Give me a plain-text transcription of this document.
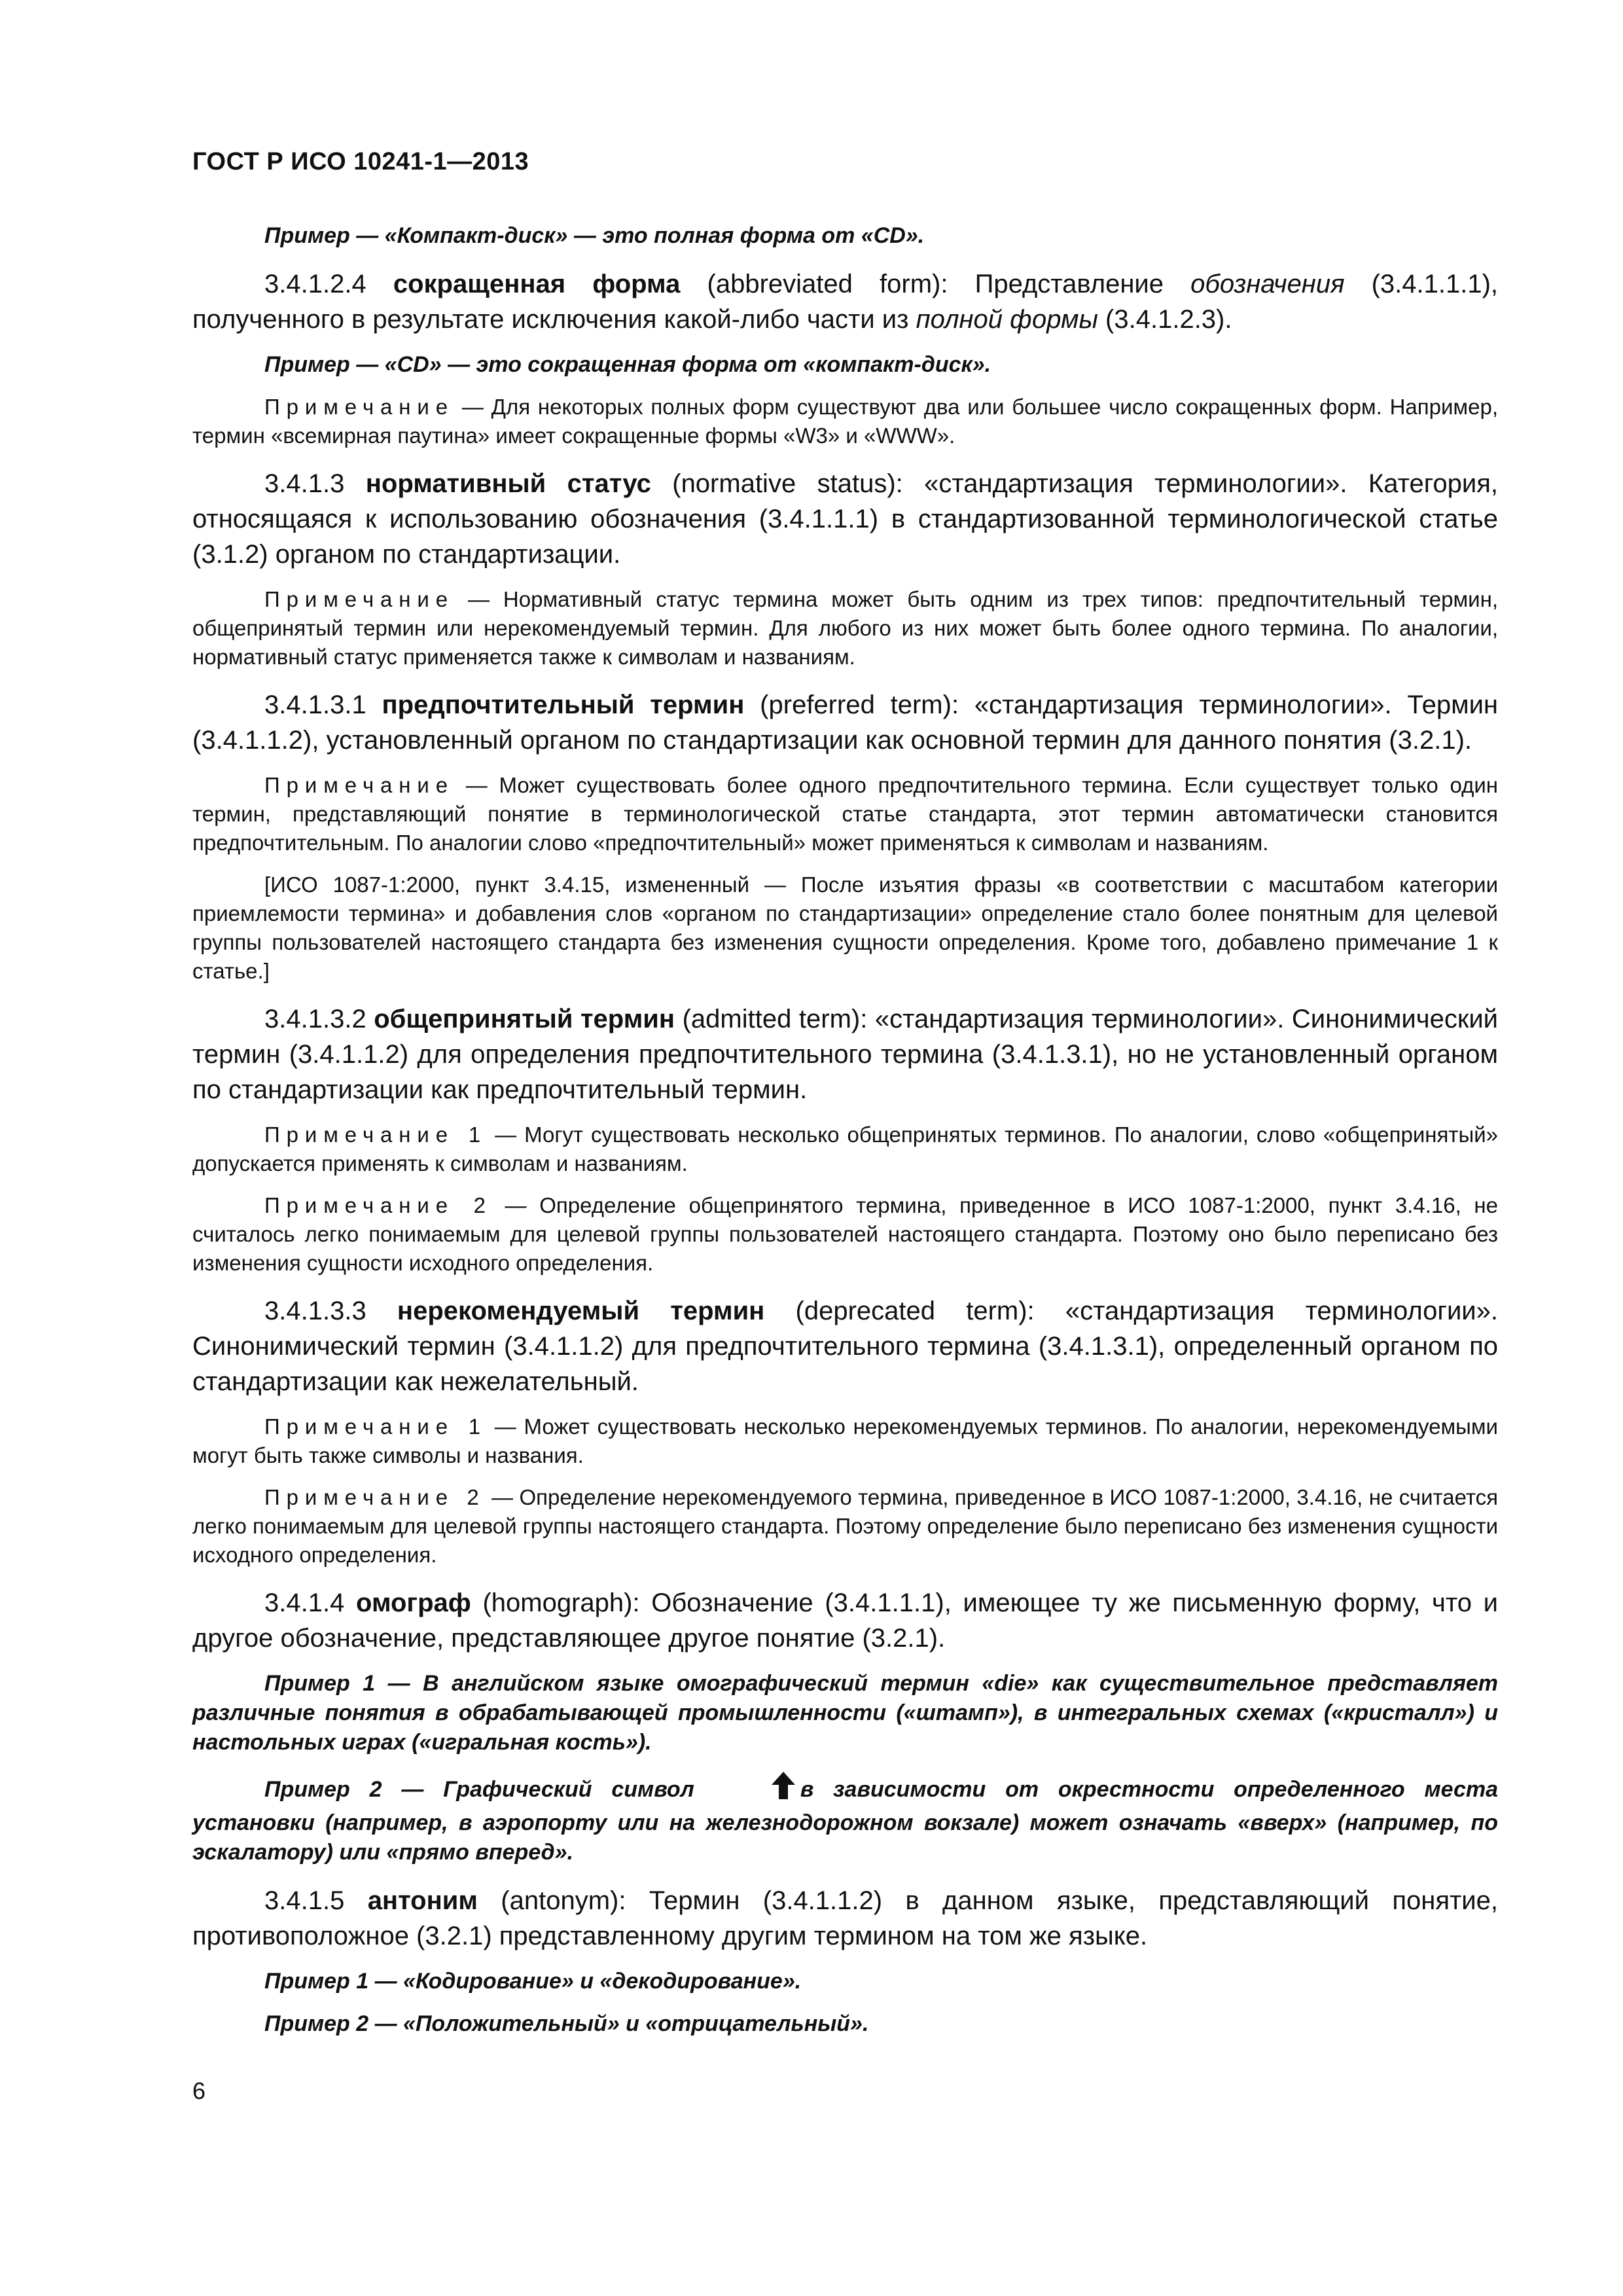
ГОСТ Р ИСО 10241-1—2013

Пример — «Компакт-диск» — это полная форма от «CD».

3.4.1.2.4 сокращенная форма (abbreviated form): Представление обозначения (3.4.1.1.1), полученного в результате исключения какой-либо части из полной формы (3.4.1.2.3).

Пример — «CD» — это сокращенная форма от «компакт-диск».

Примечание — Для некоторых полных форм существуют два или большее число сокращенных форм. Например, термин «всемирная паутина» имеет сокращенные формы «W3» и «WWW».

3.4.1.3 нормативный статус (normative status): «стандартизация терминологии». Категория, относящаяся к использованию обозначения (3.4.1.1.1) в стандартизованной терминологической статье (3.1.2) органом по стандартизации.

Примечание — Нормативный статус термина может быть одним из трех типов: предпочтительный термин, общепринятый термин или нерекомендуемый термин. Для любого из них может быть более одного термина. По аналогии, нормативный статус применяется также к символам и названиям.

3.4.1.3.1 предпочтительный термин (preferred term): «стандартизация терминологии». Термин (3.4.1.1.2), установленный органом по стандартизации как основной термин для данного понятия (3.2.1).

Примечание — Может существовать более одного предпочтительного термина. Если существует только один термин, представляющий понятие в терминологической статье стандарта, этот термин автоматически становится предпочтительным. По аналогии слово «предпочтительный» может применяться к символам и названиям.

[ИСО 1087-1:2000, пункт 3.4.15, измененный — После изъятия фразы «в соответствии с масштабом категории приемлемости термина» и добавления слов «органом по стандартизации» определение стало более понятным для целевой группы пользователей настоящего стандарта без изменения сущности определения. Кроме того, добавлено примечание 1 к статье.]

3.4.1.3.2 общепринятый термин (admitted term): «стандартизация терминологии». Синонимический термин (3.4.1.1.2) для определения предпочтительного термина (3.4.1.3.1), но не установленный органом по стандартизации как предпочтительный термин.

Примечание 1 — Могут существовать несколько общепринятых терминов. По аналогии, слово «общепринятый» допускается применять к символам и названиям.

Примечание 2 — Определение общепринятого термина, приведенное в ИСО 1087-1:2000, пункт 3.4.16, не считалось легко понимаемым для целевой группы пользователей настоящего стандарта. Поэтому оно было переписано без изменения сущности исходного определения.

3.4.1.3.3 нерекомендуемый термин (deprecated term): «стандартизация терминологии». Синонимический термин (3.4.1.1.2) для предпочтительного термина (3.4.1.3.1), определенный органом по стандартизации как нежелательный.

Примечание 1 — Может существовать несколько нерекомендуемых терминов. По аналогии, нерекомендуемыми могут быть также символы и названия.

Примечание 2 — Определение нерекомендуемого термина, приведенное в ИСО 1087-1:2000, 3.4.16, не считается легко понимаемым для целевой группы настоящего стандарта. Поэтому определение было переписано без изменения сущности исходного определения.

3.4.1.4 омограф (homograph): Обозначение (3.4.1.1.1), имеющее ту же письменную форму, что и другое обозначение, представляющее другое понятие (3.2.1).

Пример 1 — В английском языке омографический термин «die» как существительное представляет различные понятия в обрабатывающей промышленности («штамп»), в интегральных схемах («кристалл») и настольных играх («игральная кость»).

Пример 2 — Графический символ	в зависимости от окрестности определенного места установки (например, в аэропорту или на железнодорожном вокзале) может означать «вверх» (например, по эскалатору) или «прямо вперед».

3.4.1.5 антоним (antonym): Термин (3.4.1.1.2) в данном языке, представляющий понятие, противоположное (3.2.1) представленному другим термином на том же языке.

Пример 1 — «Кодирование» и «декодирование».

Пример 2 — «Положительный» и «отрицательный».

6
